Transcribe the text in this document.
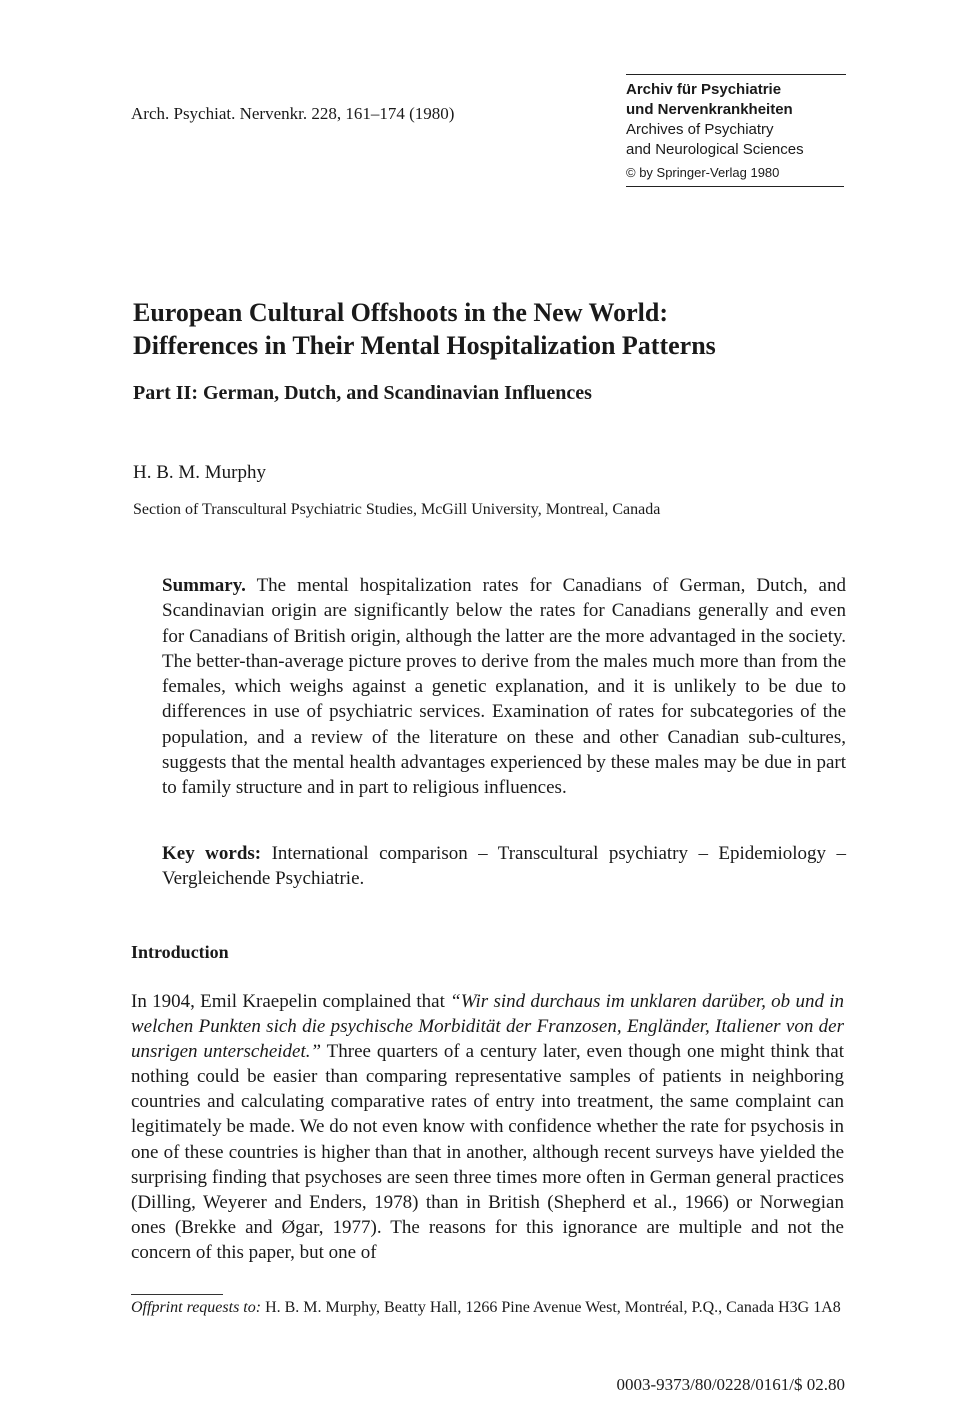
Arch. Psychiat. Nervenkr. 228, 161–174 (1980)
Archiv für Psychiatrie
und Nervenkrankheiten
Archives of Psychiatry
and Neurological Sciences
© by Springer-Verlag 1980
European Cultural Offshoots in the New World:
Differences in Their Mental Hospitalization Patterns
Part II: German, Dutch, and Scandinavian Influences
H. B. M. Murphy
Section of Transcultural Psychiatric Studies, McGill University, Montreal, Canada

Summary. The mental hospitalization rates for Canadians of German, Dutch, and Scandinavian origin are significantly below the rates for Canadians generally and even for Canadians of British origin, although the latter are the more advantaged in the society. The better-than-average picture proves to derive from the males much more than from the females, which weighs against a genetic explanation, and it is unlikely to be due to differences in use of psychiatric services. Examination of rates for subcategories of the population, and a review of the literature on these and other Canadian sub-cultures, suggests that the mental health advantages experienced by these males may be due in part to family structure and in part to religious influences.

Key words: International comparison – Transcultural psychiatry – Epidemiology – Vergleichende Psychiatrie.

Introduction

In 1904, Emil Kraepelin complained that “Wir sind durchaus im unklaren darüber, ob und in welchen Punkten sich die psychische Morbidität der Franzosen, Engländer, Italiener von der unsrigen unterscheidet.” Three quarters of a century later, even though one might think that nothing could be easier than comparing representative samples of patients in neighboring countries and calculating comparative rates of entry into treatment, the same complaint can legitimately be made. We do not even know with confidence whether the rate for psychosis in one of these countries is higher than that in another, although recent surveys have yielded the surprising finding that psychoses are seen three times more often in German general practices (Dilling, Weyerer and Enders, 1978) than in British (Shepherd et al., 1966) or Norwegian ones (Brekke and Øgar, 1977). The reasons for this ignorance are multiple and not the concern of this paper, but one of

Offprint requests to: H. B. M. Murphy, Beatty Hall, 1266 Pine Avenue West, Montréal, P.Q., Canada H3G 1A8

0003-9373/80/0228/0161/$ 02.80
